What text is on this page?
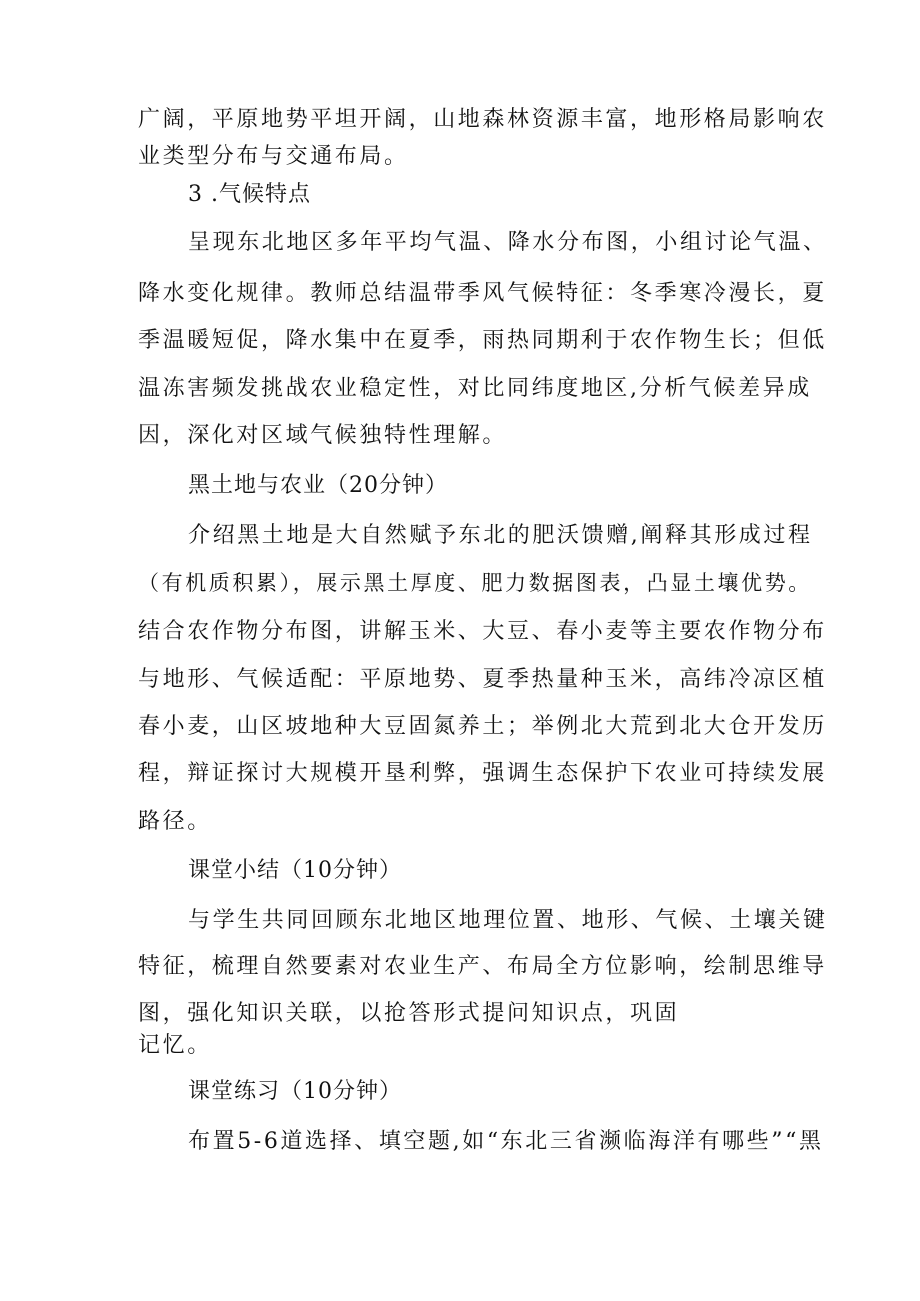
广阔，平原地势平坦开阔，山地森林资源丰富，地形格局影响农
业类型分布与交通布局。
3 .气候特点
呈现东北地区多年平均气温、降水分布图，小组讨论气温、
降水变化规律。教师总结温带季风气候特征：冬季寒冷漫长，夏
季温暖短促，降水集中在夏季，雨热同期利于农作物生长；但低
温冻害频发挑战农业稳定性，对比同纬度地区,分析气候差异成
因，深化对区域气候独特性理解。
黑土地与农业（20分钟）
介绍黑土地是大自然赋予东北的肥沃馈赠,阐释其形成过程
（有机质积累），展示黑土厚度、肥力数据图表，凸显土壤优势。
结合农作物分布图，讲解玉米、大豆、春小麦等主要农作物分布
与地形、气候适配：平原地势、夏季热量种玉米，高纬冷凉区植
春小麦，山区坡地种大豆固氮养土；举例北大荒到北大仓开发历
程，辩证探讨大规模开垦利弊，强调生态保护下农业可持续发展
路径。
课堂小结（10分钟）
与学生共同回顾东北地区地理位置、地形、气候、土壤关键
特征，梳理自然要素对农业生产、布局全方位影响，绘制思维导
图，强化知识关联，以抢答形式提问知识点，巩固
记忆。
课堂练习（10分钟）
布置5-6道选择、填空题,如“东北三省濒临海洋有哪些”“黑
